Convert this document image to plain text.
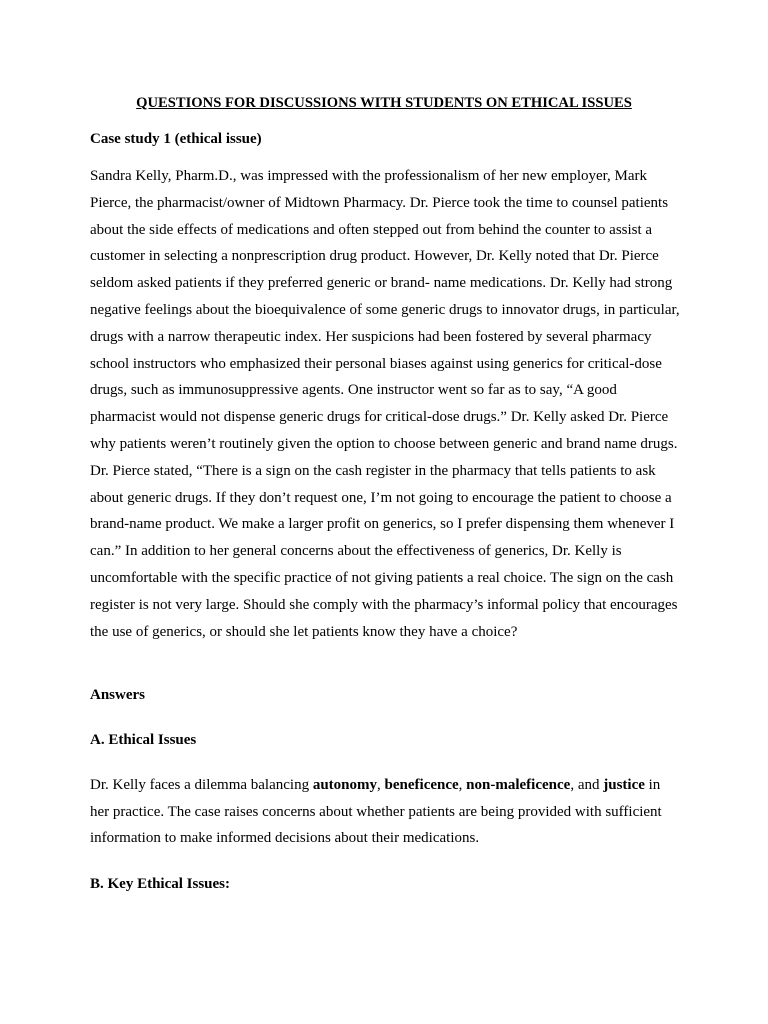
QUESTIONS FOR DISCUSSIONS WITH STUDENTS ON ETHICAL ISSUES
Case study 1 (ethical issue)

Sandra Kelly, Pharm.D., was impressed with the professionalism of her new employer, Mark Pierce, the pharmacist/owner of Midtown Pharmacy. Dr. Pierce took the time to counsel patients about the side effects of medications and often stepped out from behind the counter to assist a customer in selecting a nonprescription drug product. However, Dr. Kelly noted that Dr. Pierce seldom asked patients if they preferred generic or brand- name medications. Dr. Kelly had strong negative feelings about the bioequivalence of some generic drugs to innovator drugs, in particular, drugs with a narrow therapeutic index. Her suspicions had been fostered by several pharmacy school instructors who emphasized their personal biases against using generics for critical-dose drugs, such as immunosuppressive agents. One instructor went so far as to say, “A good pharmacist would not dispense generic drugs for critical-dose drugs.” Dr. Kelly asked Dr. Pierce why patients weren’t routinely given the option to choose between generic and brand name drugs. Dr. Pierce stated, “There is a sign on the cash register in the pharmacy that tells patients to ask about generic drugs. If they don’t request one, I’m not going to encourage the patient to choose a brand-name product. We make a larger profit on generics, so I prefer dispensing them whenever I can.” In addition to her general concerns about the effectiveness of generics, Dr. Kelly is uncomfortable with the specific practice of not giving patients a real choice. The sign on the cash register is not very large. Should she comply with the pharmacy’s informal policy that encourages the use of generics, or should she let patients know they have a choice?

Answers
A. Ethical Issues

Dr. Kelly faces a dilemma balancing autonomy, beneficence, non-maleficence, and justice in her practice. The case raises concerns about whether patients are being provided with sufficient information to make informed decisions about their medications.

B. Key Ethical Issues:
